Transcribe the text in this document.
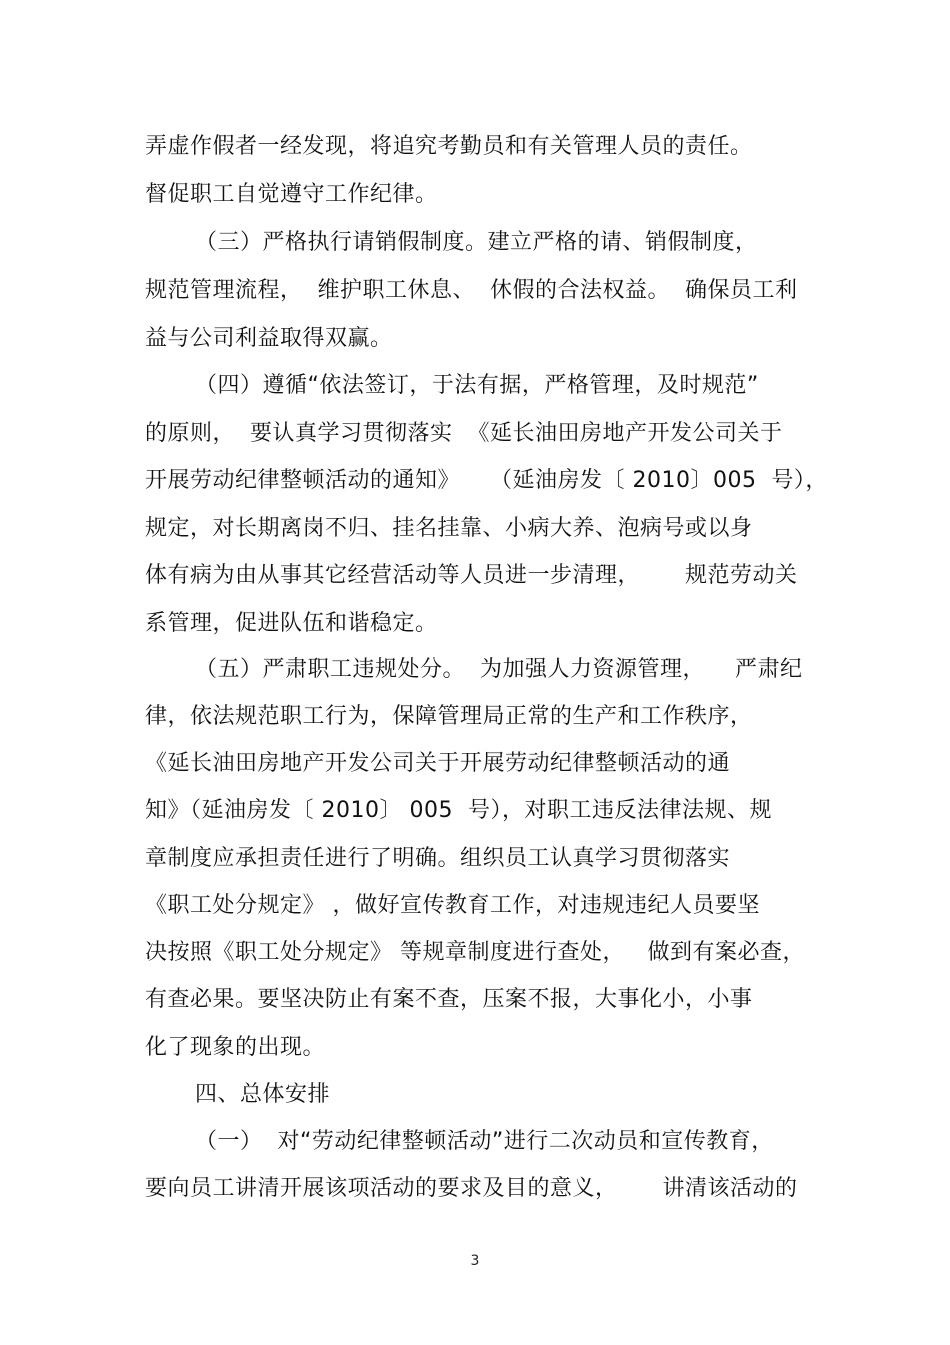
弄虚作假者一经发现，将追究考勤员和有关管理人员的责任。
督促职工自觉遵守工作纪律。
（三）严格执行请销假制度。建立严格的请、销假制度，
规范管理流程，  维护职工休息、  休假的合法权益。  确保员工利
益与公司利益取得双赢。
（四）遵循“依法签订，于法有据，严格管理，及时规范”
的原则，  要认真学习贯彻落实  《延长油田房地产开发公司关于
开展劳动纪律整顿活动的通知》    （延油房发〔 2010〕005  号），
规定，对长期离岗不归、挂名挂靠、小病大养、泡病号或以身
体有病为由从事其它经营活动等人员进一步清理，      规范劳动关
系管理，促进队伍和谐稳定。
（五）严肃职工违规处分。  为加强人力资源管理，    严肃纪
律，依法规范职工行为，保障管理局正常的生产和工作秩序，
《延长油田房地产开发公司关于开展劳动纪律整顿活动的通
知》（延油房发〔 2010〕 005  号），对职工违反法律法规、规
章制度应承担责任进行了明确。组织员工认真学习贯彻落实
《职工处分规定》 ，做好宣传教育工作，对违规违纪人员要坚
决按照《职工处分规定》 等规章制度进行查处，   做到有案必查，
有查必果。要坚决防止有案不查，压案不报，大事化小，小事
化了现象的出现。
四、总体安排
（一）  对“劳动纪律整顿活动”进行二次动员和宣传教育，
要向员工讲清开展该项活动的要求及目的意义，      讲清该活动的
3
